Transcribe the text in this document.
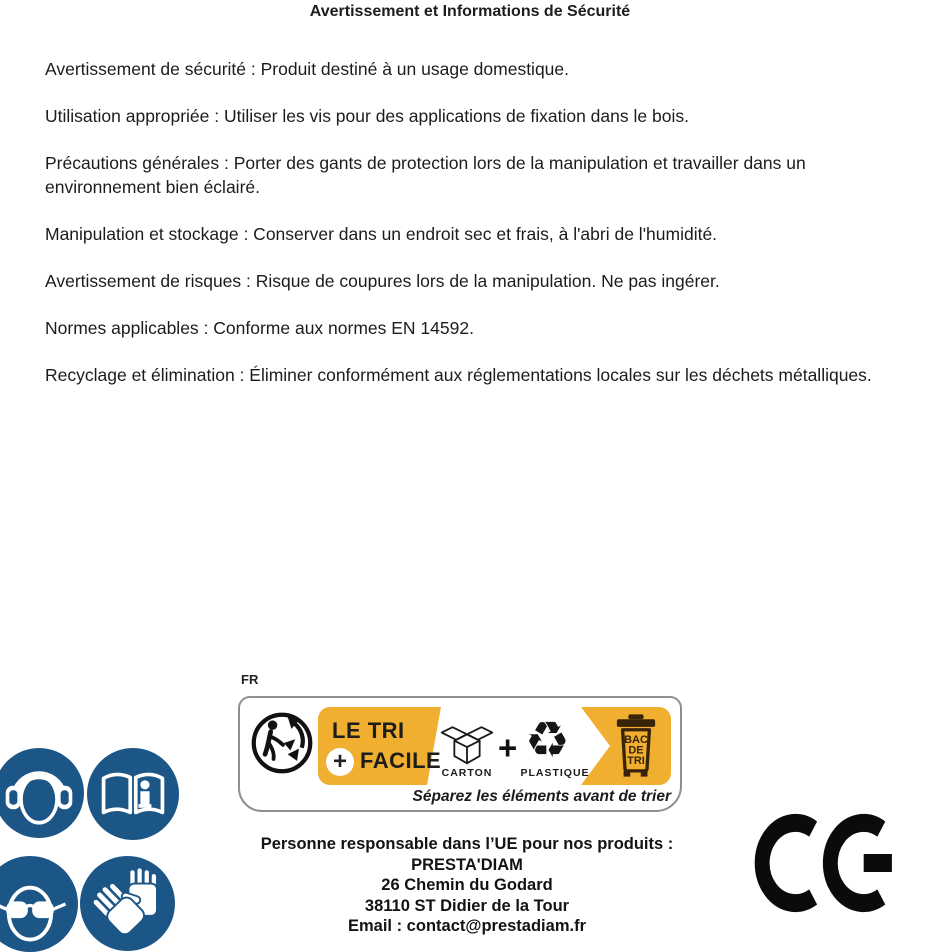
Avertissement et Informations de Sécurité

Avertissement de sécurité : Produit destiné à un usage domestique.

Utilisation appropriée : Utiliser les vis pour des applications de fixation dans le bois.

Précautions générales : Porter des gants de protection lors de la manipulation et travailler dans un environnement bien éclairé.

Manipulation et stockage : Conserver dans un endroit sec et frais, à l'abri de l'humidité.

Avertissement de risques : Risque de coupures lors de la manipulation. Ne pas ingérer.

Normes applicables : Conforme aux normes EN 14592.

Recyclage et élimination : Éliminer conformément aux réglementations locales sur les déchets métalliques.

FR
LE TRI
+ FACILE CARTON
+ ♻
PLASTIQUE
BAC
DE
TRI
Séparez les éléments avant de trier
Personne responsable dans l’UE pour nos produits :
PRESTA'DIAM
26 Chemin du Godard
38110 ST Didier de la Tour
Email : contact@prestadiam.fr
